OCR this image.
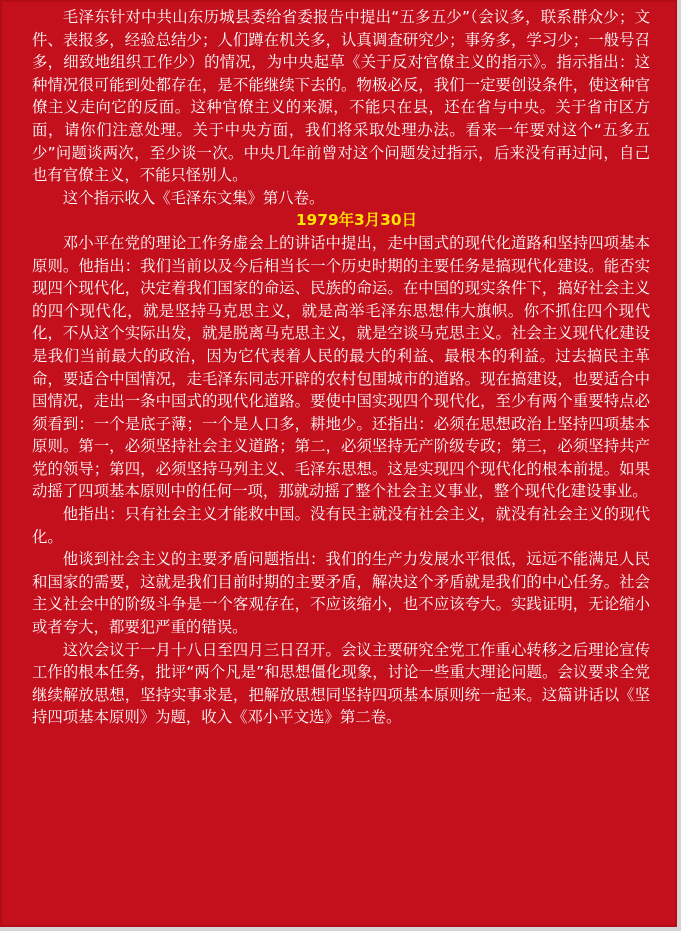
毛泽东针对中共山东历城县委给省委报告中提出“五多五少”（会议多，联系群众少；文件、表报多，经验总结少；人们蹲在机关多，认真调查研究少；事务多，学习少；一般号召多，细致地组织工作少）的情况，为中央起草《关于反对官僚主义的指示》。指示指出：这种情况很可能到处都存在，是不能继续下去的。物极必反，我们一定要创设条件，使这种官僚主义走向它的反面。这种官僚主义的来源，不能只在县，还在省与中央。关于省市区方面，请你们注意处理。关于中央方面，我们将采取处理办法。看来一年要对这个“五多五少”问题谈两次，至少谈一次。中央几年前曾对这个问题发过指示，后来没有再过问，自己也有官僚主义，不能只怪别人。

这个指示收入《毛泽东文集》第八卷。

1979年3月30日

邓小平在党的理论工作务虚会上的讲话中提出，走中国式的现代化道路和坚持四项基本原则。他指出：我们当前以及今后相当长一个历史时期的主要任务是搞现代化建设。能否实现四个现代化，决定着我们国家的命运、民族的命运。在中国的现实条件下，搞好社会主义的四个现代化，就是坚持马克思主义，就是高举毛泽东思想伟大旗帜。你不抓住四个现代化，不从这个实际出发，就是脱离马克思主义，就是空谈马克思主义。社会主义现代化建设是我们当前最大的政治，因为它代表着人民的最大的利益、最根本的利益。过去搞民主革命，要适合中国情况，走毛泽东同志开辟的农村包围城市的道路。现在搞建设，也要适合中国情况，走出一条中国式的现代化道路。要使中国实现四个现代化，至少有两个重要特点必须看到：一个是底子薄；一个是人口多，耕地少。还指出：必须在思想政治上坚持四项基本原则。第一，必须坚持社会主义道路；第二，必须坚持无产阶级专政；第三，必须坚持共产党的领导；第四，必须坚持马列主义、毛泽东思想。这是实现四个现代化的根本前提。如果动摇了四项基本原则中的任何一项，那就动摇了整个社会主义事业，整个现代化建设事业。

他指出：只有社会主义才能救中国。没有民主就没有社会主义，就没有社会主义的现代化。

他谈到社会主义的主要矛盾问题指出：我们的生产力发展水平很低，远远不能满足人民和国家的需要，这就是我们目前时期的主要矛盾，解决这个矛盾就是我们的中心任务。社会主义社会中的阶级斗争是一个客观存在，不应该缩小，也不应该夸大。实践证明，无论缩小或者夸大，都要犯严重的错误。

这次会议于一月十八日至四月三日召开。会议主要研究全党工作重心转移之后理论宣传工作的根本任务，批评“两个凡是”和思想僵化现象，讨论一些重大理论问题。会议要求全党继续解放思想，坚持实事求是，把解放思想同坚持四项基本原则统一起来。这篇讲话以《坚持四项基本原则》为题，收入《邓小平文选》第二卷。
